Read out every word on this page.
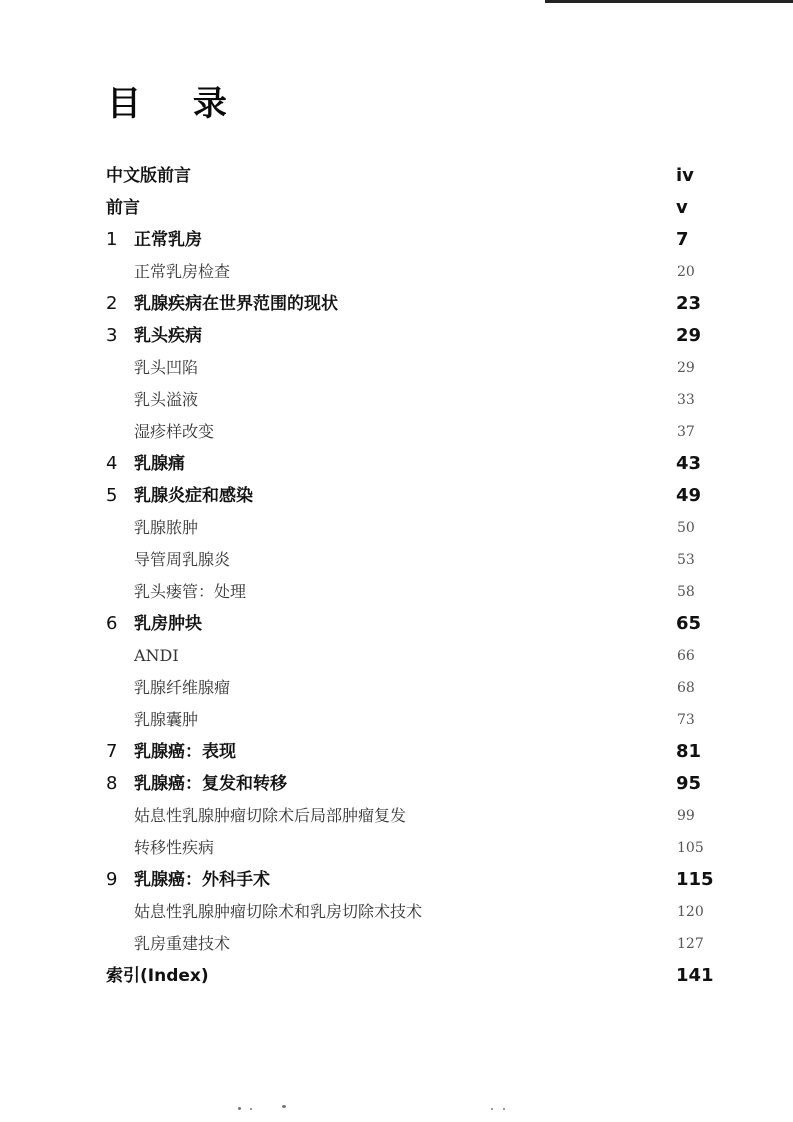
目 录
中文版前言	iv
前言	v
1 正常乳房	7
正常乳房检查	20
2 乳腺疾病在世界范围的现状	23
3 乳头疾病	29
乳头凹陷	29
乳头溢液	33
湿疹样改变	37
4 乳腺痛	43
5 乳腺炎症和感染	49
乳腺脓肿	50
导管周乳腺炎	53
乳头瘘管：处理	58
6 乳房肿块	65
ANDI	66
乳腺纤维腺瘤	68
乳腺囊肿	73
7 乳腺癌：表现	81
8 乳腺癌：复发和转移	95
姑息性乳腺肿瘤切除术后局部肿瘤复发	99
转移性疾病	105
9 乳腺癌：外科手术	115
姑息性乳腺肿瘤切除术和乳房切除术技术	120
乳房重建技术	127
索引(Index)	141
